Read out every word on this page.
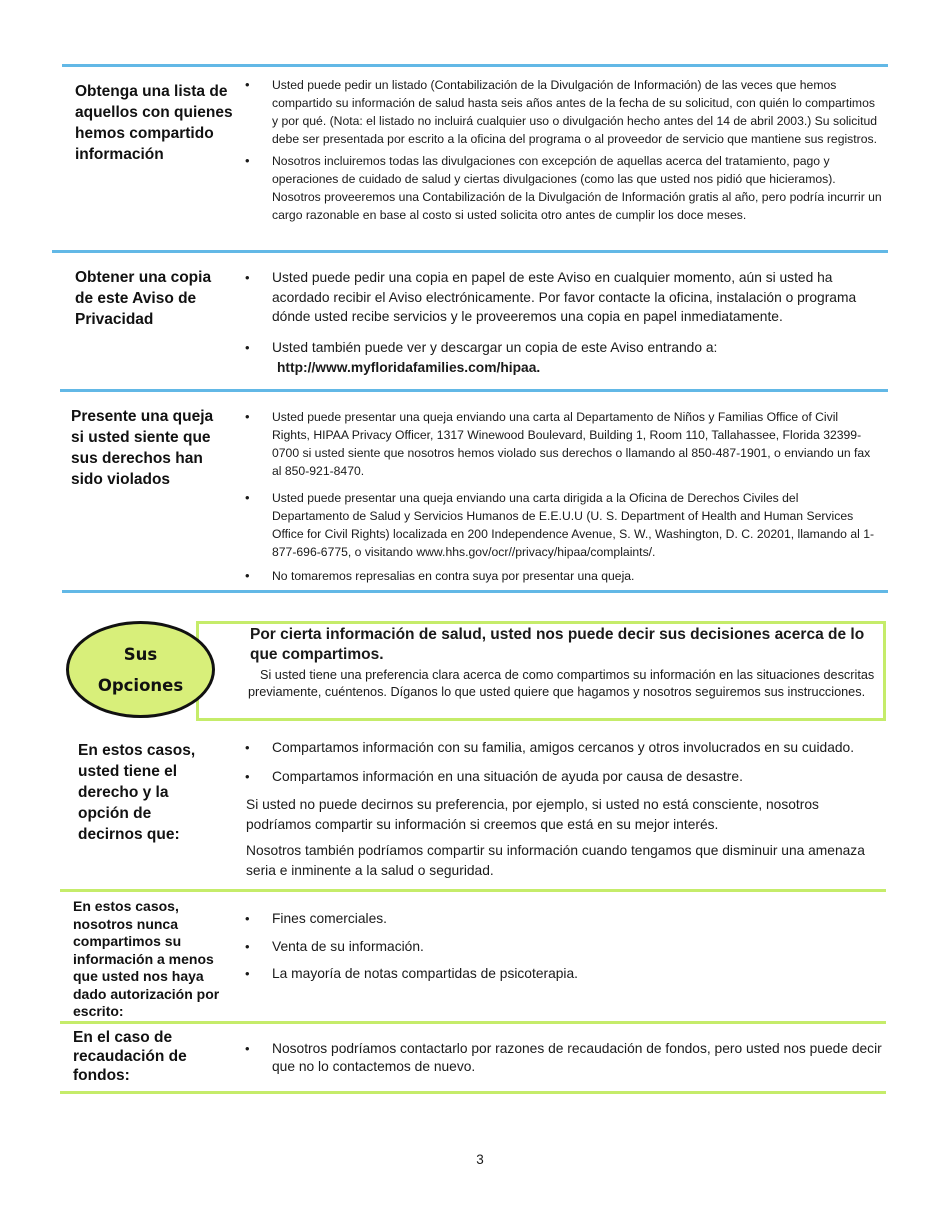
Obtenga una lista de aquellos con quienes hemos compartido información
• Usted puede pedir un listado (Contabilización de la Divulgación de Información) de las veces que hemos compartido su información de salud hasta seis años antes de la fecha de su solicitud, con quién lo compartimos y por qué. (Nota: el listado no incluirá cualquier uso o divulgación hecho antes del 14 de abril 2003.) Su solicitud debe ser presentada por escrito a la oficina del programa o al proveedor de servicio que mantiene sus registros.
• Nosotros incluiremos todas las divulgaciones con excepción de aquellas acerca del tratamiento, pago y operaciones de cuidado de salud y ciertas divulgaciones (como las que usted nos pidió que hicieramos). Nosotros proveeremos una Contabilización de la Divulgación de Información gratis al año, pero podría incurrir un cargo razonable en base al costo si usted solicita otro antes de cumplir los doce meses.
Obtener una copia de este Aviso de Privacidad
• Usted puede pedir una copia en papel de este Aviso en cualquier momento, aún si usted ha acordado recibir el Aviso electrónicamente. Por favor contacte la oficina, instalación o programa dónde usted recibe servicios y le proveeremos una copia en papel inmediatamente.
• Usted también puede ver y descargar un copia de este Aviso entrando a:
http://www.myfloridafamilies.com/hipaa.
Presente una queja si usted siente que sus derechos han sido violados
• Usted puede presentar una queja enviando una carta al Departamento de Niños y Familias Office of Civil Rights, HIPAA Privacy Officer, 1317 Winewood Boulevard, Building 1, Room 110, Tallahassee, Florida 32399-0700 si usted siente que nosotros hemos violado sus derechos o llamando al 850-487-1901, o enviando un fax al 850-921-8470.
• Usted puede presentar una queja enviando una carta dirigida a la Oficina de Derechos Civiles del Departamento de Salud y Servicios Humanos de E.E.U.U (U. S. Department of Health and Human Services Office for Civil Rights) localizada en 200 Independence Avenue, S. W., Washington, D. C. 20201, llamando al 1-877-696-6775, o visitando www.hhs.gov/ocr//privacy/hipaa/complaints/.
• No tomaremos represalias en contra suya por presentar una queja.
Sus
Opciones
Por cierta información de salud, usted nos puede decir sus decisiones acerca de lo que compartimos.
Si usted tiene una preferencia clara acerca de como compartimos su información en las situaciones descritas previamente, cuéntenos. Díganos lo que usted quiere que hagamos y nosotros seguiremos sus instrucciones.
En estos casos, usted tiene el derecho y la opción de decirnos que:
• Compartamos información con su familia, amigos cercanos y otros involucrados en su cuidado.
• Compartamos información en una situación de ayuda por causa de desastre.
Si usted no puede decirnos su preferencia, por ejemplo, si usted no está consciente, nosotros podríamos compartir su información si creemos que está en su mejor interés.
Nosotros también podríamos compartir su información cuando tengamos que disminuir una amenaza seria e inminente a la salud o seguridad.
En estos casos, nosotros nunca compartimos su información a menos que usted nos haya dado autorización por escrito:
• Fines comerciales.
• Venta de su información.
• La mayoría de notas compartidas de psicoterapia.
En el caso de recaudación de fondos:
• Nosotros podríamos contactarlo por razones de recaudación de fondos, pero usted nos puede decir que no lo contactemos de nuevo.
3
